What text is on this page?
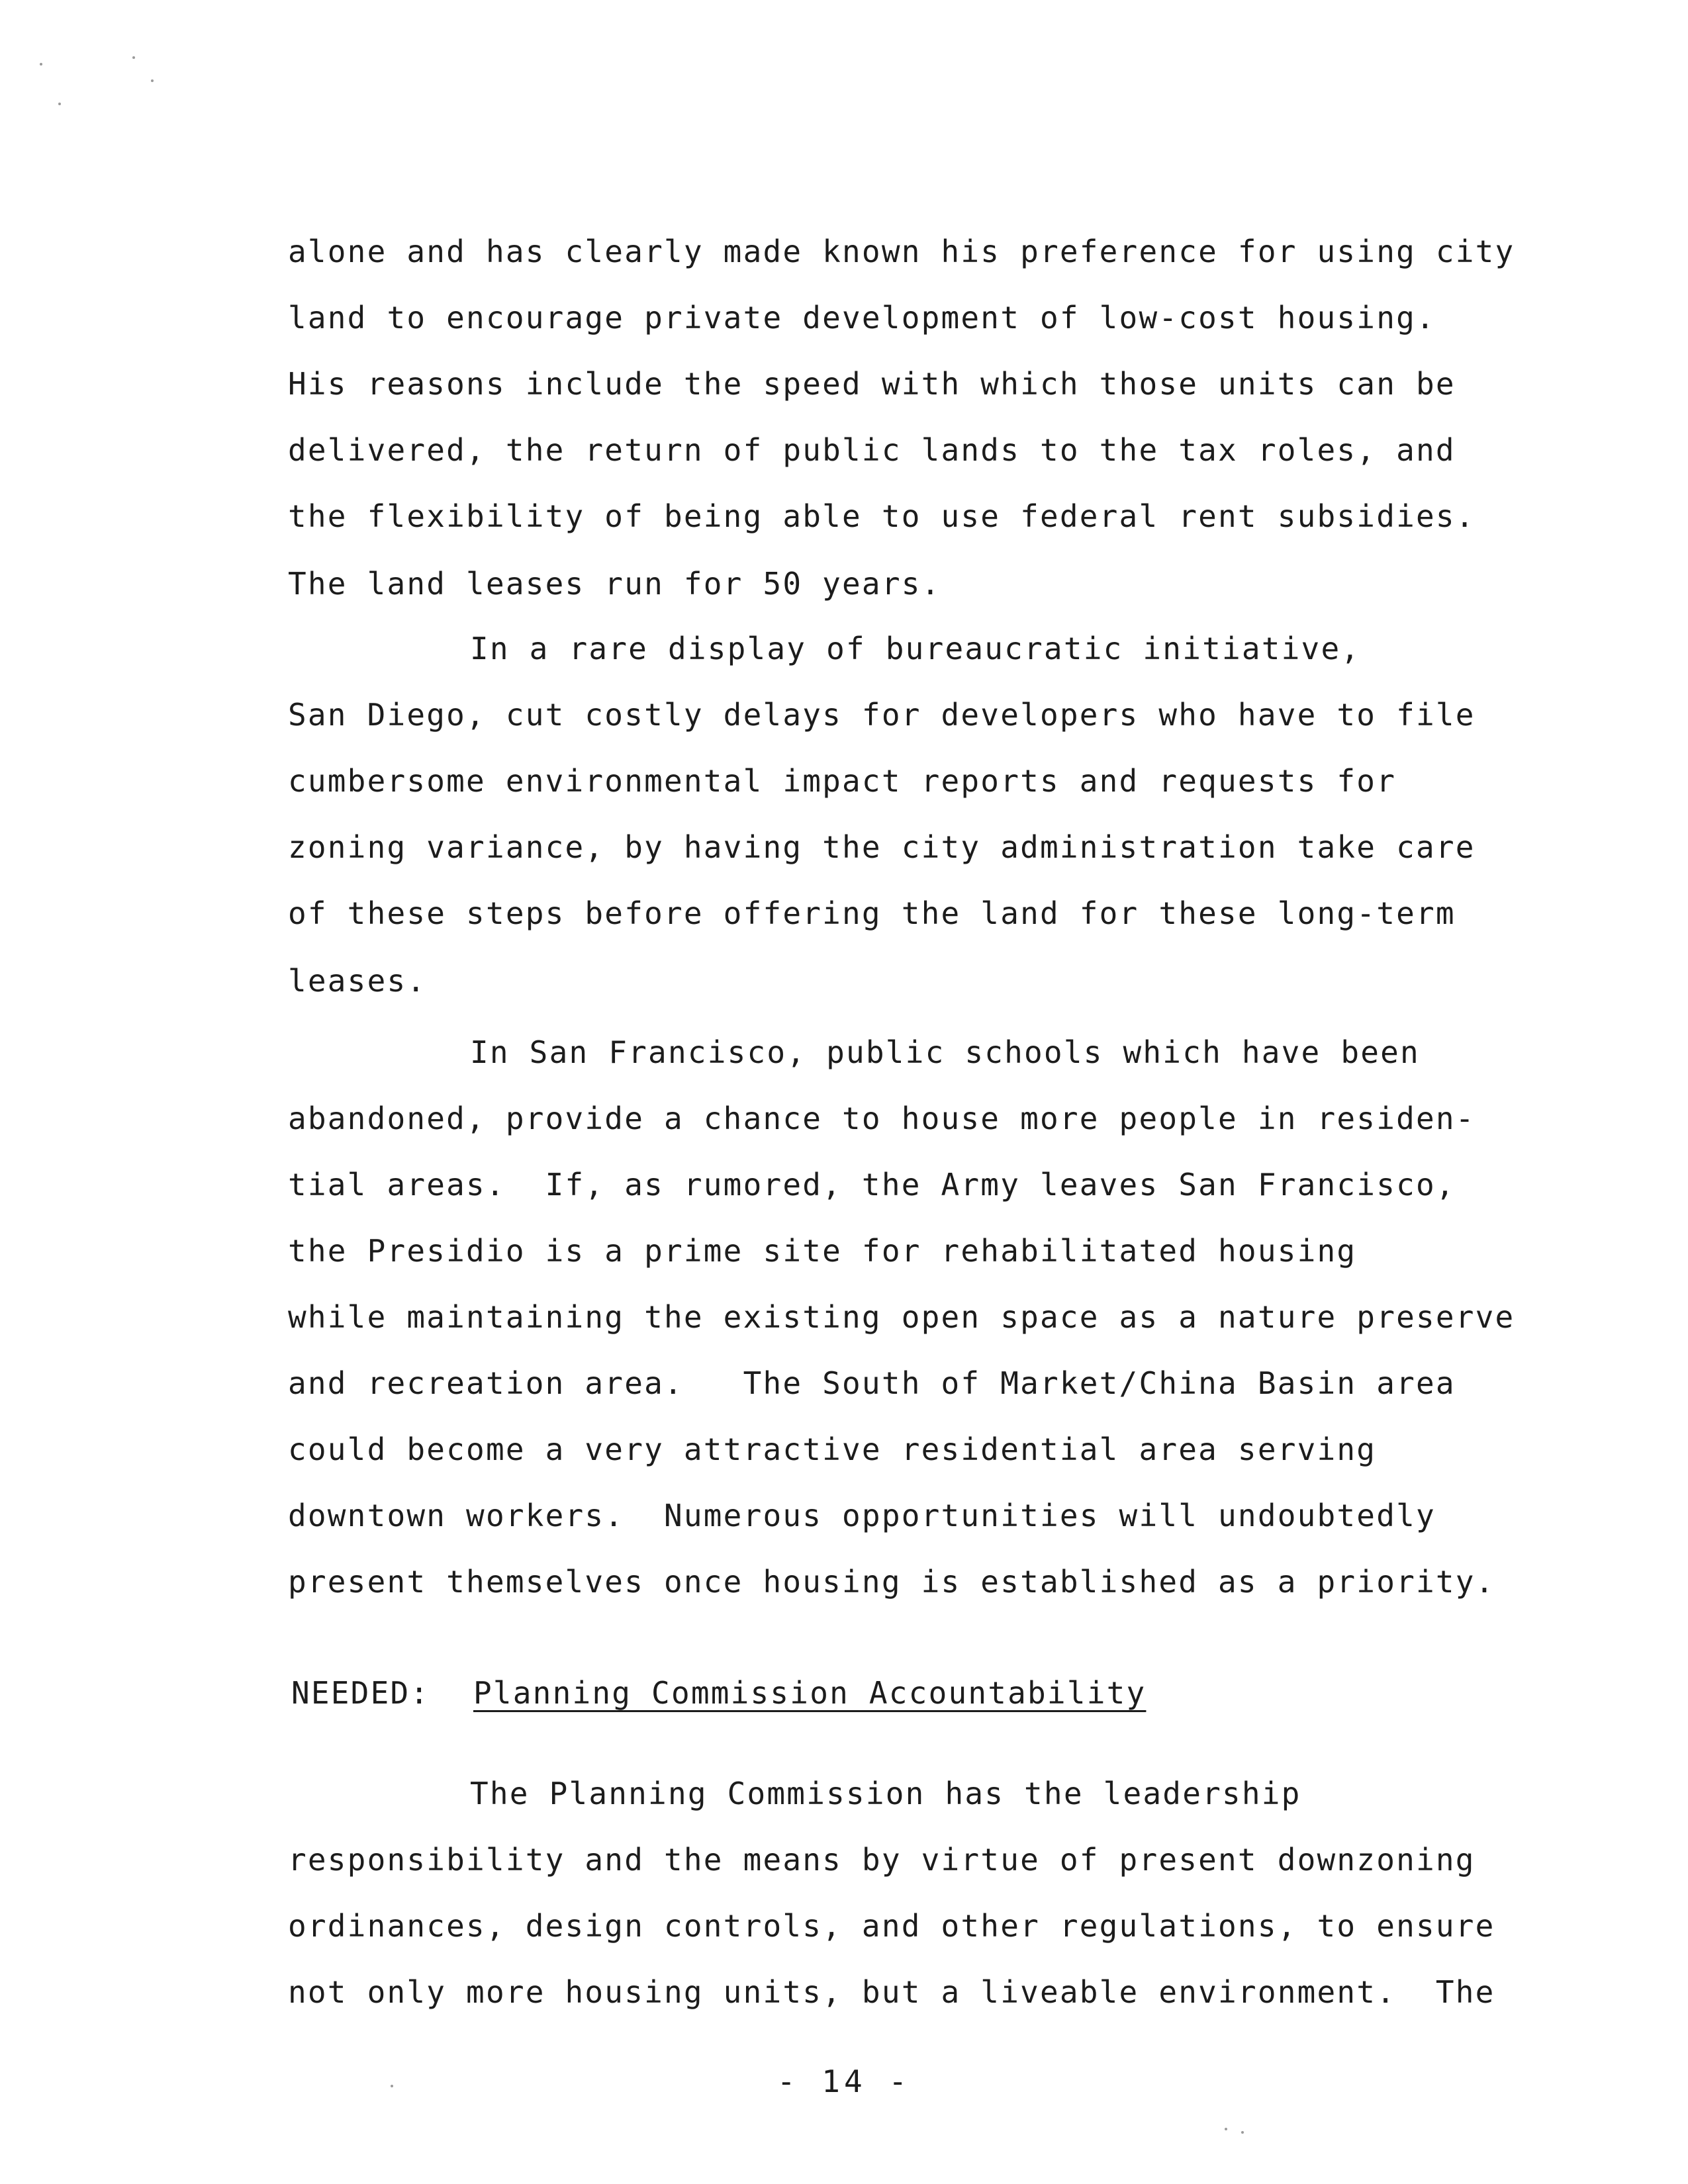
alone and has clearly made known his preference for using city
land to encourage private development of low-cost housing.
His reasons include the speed with which those units can be
delivered, the return of public lands to the tax roles, and
the flexibility of being able to use federal rent subsidies.
The land leases run for 50 years.
In a rare display of bureaucratic initiative,
San Diego, cut costly delays for developers who have to file
cumbersome environmental impact reports and requests for
zoning variance, by having the city administration take care
of these steps before offering the land for these long-term
leases.
In San Francisco, public schools which have been
abandoned, provide a chance to house more people in residen-
tial areas.  If, as rumored, the Army leaves San Francisco,
the Presidio is a prime site for rehabilitated housing
while maintaining the existing open space as a nature preserve
and recreation area.   The South of Market/China Basin area
could become a very attractive residential area serving
downtown workers.  Numerous opportunities will undoubtedly
present themselves once housing is established as a priority.
NEEDED: Planning Commission Accountability
The Planning Commission has the leadership
responsibility and the means by virtue of present downzoning
ordinances, design controls, and other regulations, to ensure
not only more housing units, but a liveable environment.  The
- 14 -
